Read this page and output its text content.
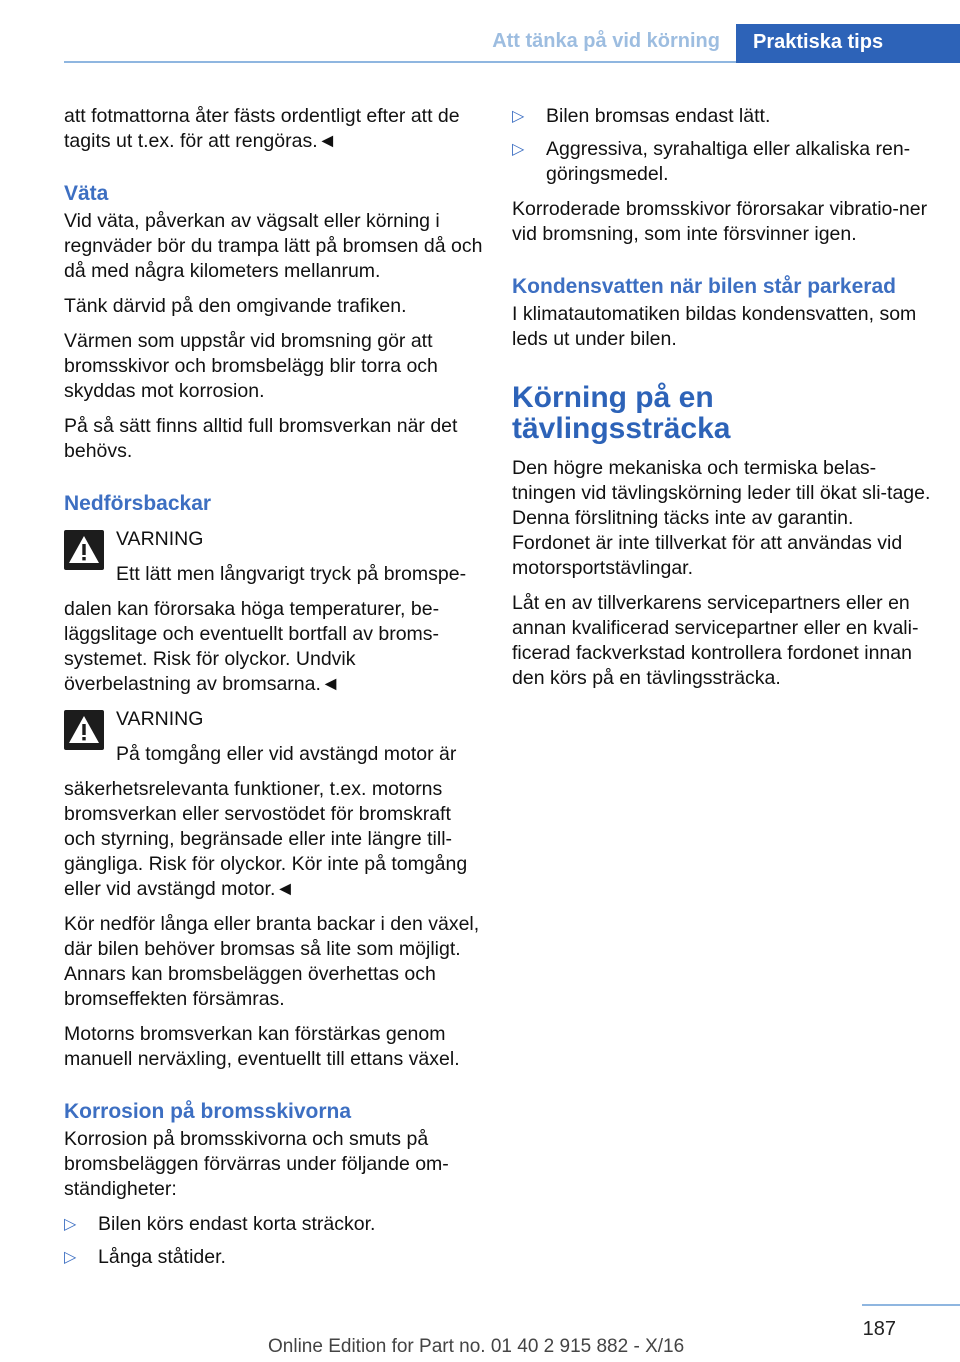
Att tänka på vid körning Praktiska tips

att fotmattorna åter fästs ordentligt efter att de tagits ut t.ex. för att rengöras.◄

Väta

Vid väta, påverkan av vägsalt eller körning i regnväder bör du trampa lätt på bromsen då och då med några kilometers mellanrum.

Tänk därvid på den omgivande trafiken.

Värmen som uppstår vid bromsning gör att bromsskivor och bromsbelägg blir torra och skyddas mot korrosion.

På så sätt finns alltid full bromsverkan när det behövs.

Nedförsbackar

VARNING

Ett lätt men långvarigt tryck på bromspe-

dalen kan förorsaka höga temperaturer, be-läggslitage och eventuellt bortfall av broms-systemet. Risk för olyckor. Undvik överbelastning av bromsarna.◄

VARNING

På tomgång eller vid avstängd motor är

säkerhetsrelevanta funktioner, t.ex. motorns bromsverkan eller servostödet för bromskraft och styrning, begränsade eller inte längre till-gängliga. Risk för olyckor. Kör inte på tomgång eller vid avstängd motor.◄

Kör nedför långa eller branta backar i den växel, där bilen behöver bromsas så lite som möjligt. Annars kan bromsbeläggen överhettas och bromseffekten försämras.

Motorns bromsverkan kan förstärkas genom manuell nerväxling, eventuellt till ettans växel.

Korrosion på bromsskivorna

Korrosion på bromsskivorna och smuts på bromsbeläggen förvärras under följande om-ständigheter:

▷ Bilen körs endast korta sträckor.
▷ Långa ståtider.
▷ Bilen bromsas endast lätt.
▷ Aggressiva, syrahaltiga eller alkaliska ren-göringsmedel.

Korroderade bromsskivor förorsakar vibratio-ner vid bromsning, som inte försvinner igen.

Kondensvatten när bilen står parkerad

I klimatautomatiken bildas kondensvatten, som leds ut under bilen.

Körning på en tävlingssträcka

Den högre mekaniska och termiska belas-tningen vid tävlingskörning leder till ökat sli-tage. Denna förslitning täcks inte av garantin. Fordonet är inte tillverkat för att användas vid motorsportstävlingar.

Låt en av tillverkarens servicepartners eller en annan kvalificerad servicepartner eller en kvali-ficerad fackverkstad kontrollera fordonet innan den körs på en tävlingssträcka.

187
Online Edition for Part no. 01 40 2 915 882 - X/16
